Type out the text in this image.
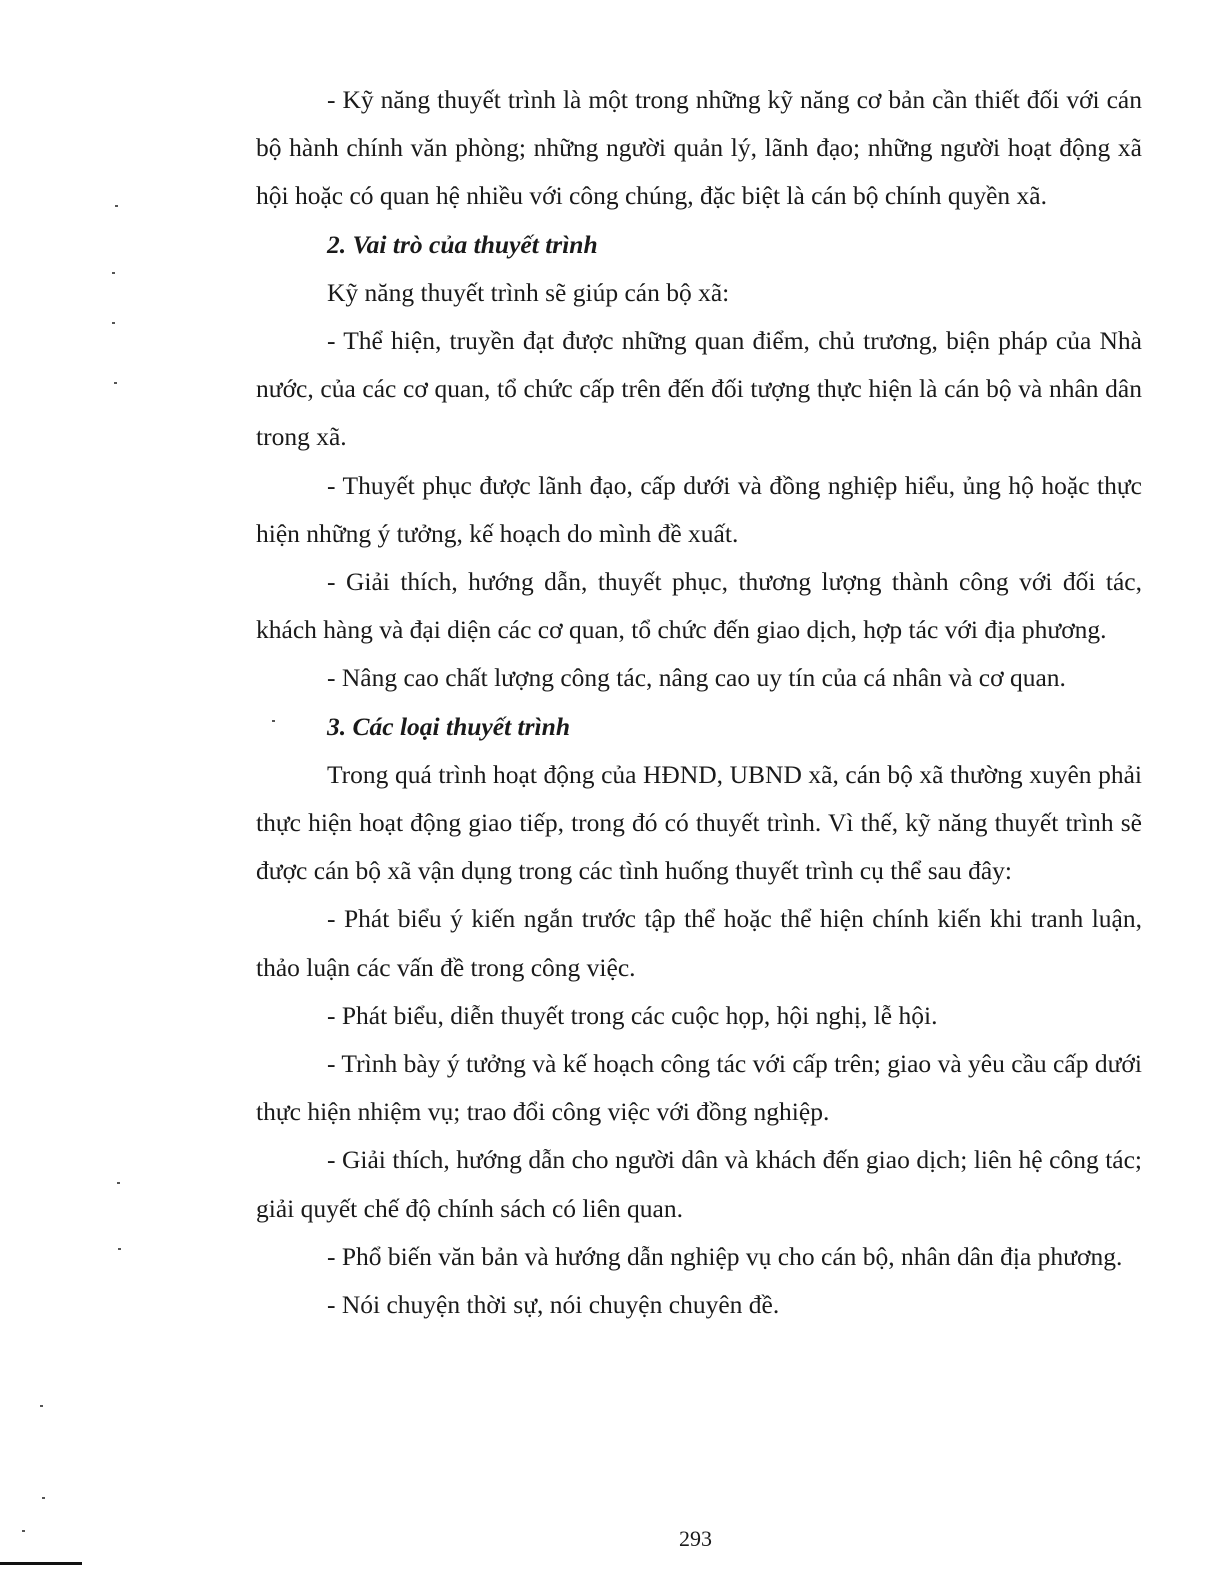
- Kỹ năng thuyết trình là một trong những kỹ năng cơ bản cần thiết đối với cán bộ hành chính văn phòng; những người quản lý, lãnh đạo; những người hoạt động xã hội hoặc có quan hệ nhiều với công chúng, đặc biệt là cán bộ chính quyền xã.

2. Vai trò của thuyết trình

Kỹ năng thuyết trình sẽ giúp cán bộ xã:

- Thể hiện, truyền đạt được những quan điểm, chủ trương, biện pháp của Nhà nước, của các cơ quan, tổ chức cấp trên đến đối tượng thực hiện là cán bộ và nhân dân trong xã.

- Thuyết phục được lãnh đạo, cấp dưới và đồng nghiệp hiểu, ủng hộ hoặc thực hiện những ý tưởng, kế hoạch do mình đề xuất.

- Giải thích, hướng dẫn, thuyết phục, thương lượng thành công với đối tác, khách hàng và đại diện các cơ quan, tổ chức đến giao dịch, hợp tác với địa phương.

- Nâng cao chất lượng công tác, nâng cao uy tín của cá nhân và cơ quan.

3. Các loại thuyết trình

Trong quá trình hoạt động của HĐND, UBND xã, cán bộ xã thường xuyên phải thực hiện hoạt động giao tiếp, trong đó có thuyết trình. Vì thế, kỹ năng thuyết trình sẽ được cán bộ xã vận dụng trong các tình huống thuyết trình cụ thể sau đây:

- Phát biểu ý kiến ngắn trước tập thể hoặc thể hiện chính kiến khi tranh luận, thảo luận các vấn đề trong công việc.

- Phát biểu, diễn thuyết trong các cuộc họp, hội nghị, lễ hội.

- Trình bày ý tưởng và kế hoạch công tác với cấp trên; giao và yêu cầu cấp dưới thực hiện nhiệm vụ; trao đổi công việc với đồng nghiệp.

- Giải thích, hướng dẫn cho người dân và khách đến giao dịch; liên hệ công tác; giải quyết chế độ chính sách có liên quan.

- Phổ biến văn bản và hướng dẫn nghiệp vụ cho cán bộ, nhân dân địa phương.

- Nói chuyện thời sự, nói chuyện chuyên đề.

293
